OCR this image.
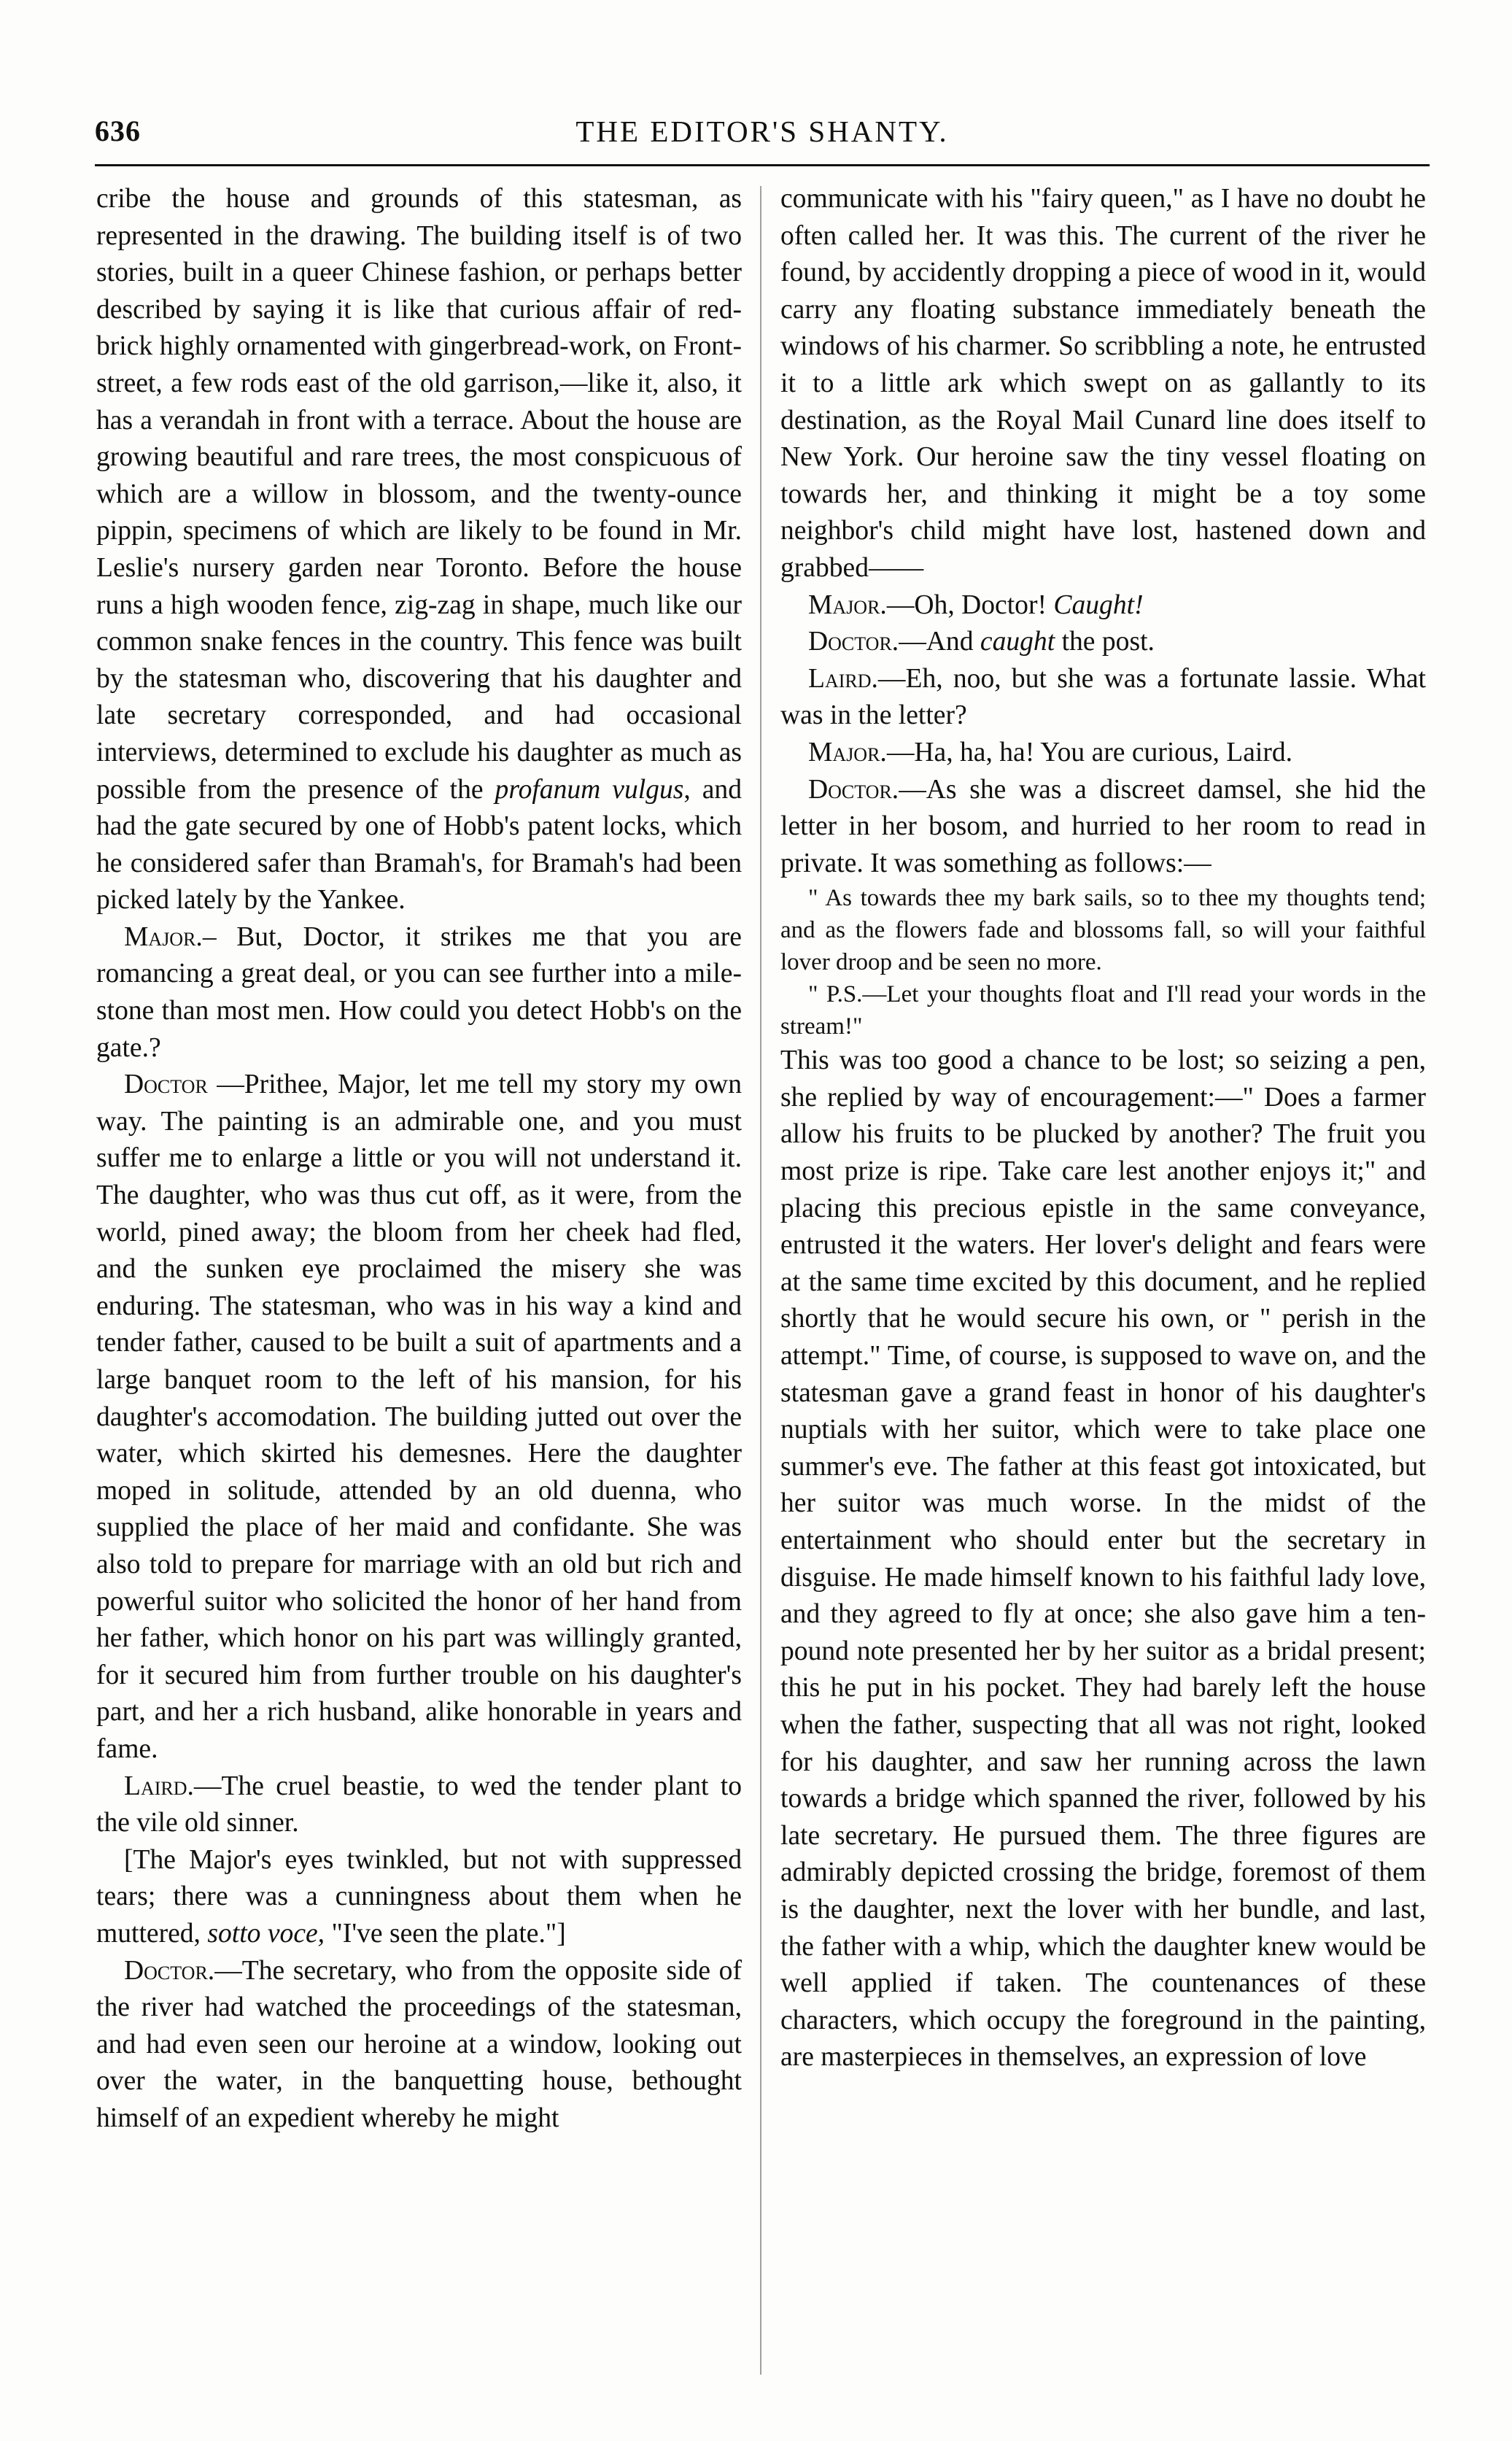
636	THE EDITOR'S SHANTY.

cribe the house and grounds of this statesman, as represented in the drawing. The building itself is of two stories, built in a queer Chinese fashion, or perhaps better described by saying it is like that curious affair of red-brick highly ornamented with gingerbread-work, on Front-street, a few rods east of the old garrison,—like it, also, it has a verandah in front with a terrace. About the house are growing beautiful and rare trees, the most conspicuous of which are a willow in blossom, and the twenty-ounce pippin, specimens of which are likely to be found in Mr. Leslie's nursery garden near Toronto. Before the house runs a high wooden fence, zig-zag in shape, much like our common snake fences in the country. This fence was built by the statesman who, discovering that his daughter and late secretary corresponded, and had occasional interviews, determined to exclude his daughter as much as possible from the presence of the profanum vulgus, and had the gate secured by one of Hobb's patent locks, which he considered safer than Bramah's, for Bramah's had been picked lately by the Yankee.

Major.– But, Doctor, it strikes me that you are romancing a great deal, or you can see further into a mile-stone than most men. How could you detect Hobb's on the gate.?

Doctor —Prithee, Major, let me tell my story my own way. The painting is an admirable one, and you must suffer me to enlarge a little or you will not understand it. The daughter, who was thus cut off, as it were, from the world, pined away; the bloom from her cheek had fled, and the sunken eye proclaimed the misery she was enduring. The statesman, who was in his way a kind and tender father, caused to be built a suit of apartments and a large banquet room to the left of his mansion, for his daughter's accomodation. The building jutted out over the water, which skirted his demesnes. Here the daughter moped in solitude, attended by an old duenna, who supplied the place of her maid and confidante. She was also told to prepare for marriage with an old but rich and powerful suitor who solicited the honor of her hand from her father, which honor on his part was willingly granted, for it secured him from further trouble on his daughter's part, and her a rich husband, alike honorable in years and fame.

Laird.—The cruel beastie, to wed the tender plant to the vile old sinner.

[The Major's eyes twinkled, but not with suppressed tears; there was a cunningness about them when he muttered, sotto voce, "I've seen the plate."]

Doctor.—The secretary, who from the opposite side of the river had watched the proceedings of the statesman, and had even seen our heroine at a window, looking out over the water, in the banquetting house, bethought himself of an expedient whereby he might

communicate with his "fairy queen," as I have no doubt he often called her. It was this. The current of the river he found, by accidently dropping a piece of wood in it, would carry any floating substance immediately beneath the windows of his charmer. So scribbling a note, he entrusted it to a little ark which swept on as gallantly to its destination, as the Royal Mail Cunard line does itself to New York. Our heroine saw the tiny vessel floating on towards her, and thinking it might be a toy some neighbor's child might have lost, hastened down and grabbed——

Major.—Oh, Doctor! Caught!

Doctor.—And caught the post.

Laird.—Eh, noo, but she was a fortunate lassie. What was in the letter?

Major.—Ha, ha, ha! You are curious, Laird.

Doctor.—As she was a discreet damsel, she hid the letter in her bosom, and hurried to her room to read in private. It was something as follows:—

" As towards thee my bark sails, so to thee my thoughts tend; and as the flowers fade and blossoms fall, so will your faithful lover droop and be seen no more.

" P.S.—Let your thoughts float and I'll read your words in the stream!"

This was too good a chance to be lost; so seizing a pen, she replied by way of encouragement:—" Does a farmer allow his fruits to be plucked by another? The fruit you most prize is ripe. Take care lest another enjoys it;" and placing this precious epistle in the same conveyance, entrusted it the waters. Her lover's delight and fears were at the same time excited by this document, and he replied shortly that he would secure his own, or " perish in the attempt." Time, of course, is supposed to wave on, and the statesman gave a grand feast in honor of his daughter's nuptials with her suitor, which were to take place one summer's eve. The father at this feast got intoxicated, but her suitor was much worse. In the midst of the entertainment who should enter but the secretary in disguise. He made himself known to his faithful lady love, and they agreed to fly at once; she also gave him a ten-pound note presented her by her suitor as a bridal present; this he put in his pocket. They had barely left the house when the father, suspecting that all was not right, looked for his daughter, and saw her running across the lawn towards a bridge which spanned the river, followed by his late secretary. He pursued them. The three figures are admirably depicted crossing the bridge, foremost of them is the daughter, next the lover with her bundle, and last, the father with a whip, which the daughter knew would be well applied if taken. The countenances of these characters, which occupy the foreground in the painting, are masterpieces in themselves, an expression of love
